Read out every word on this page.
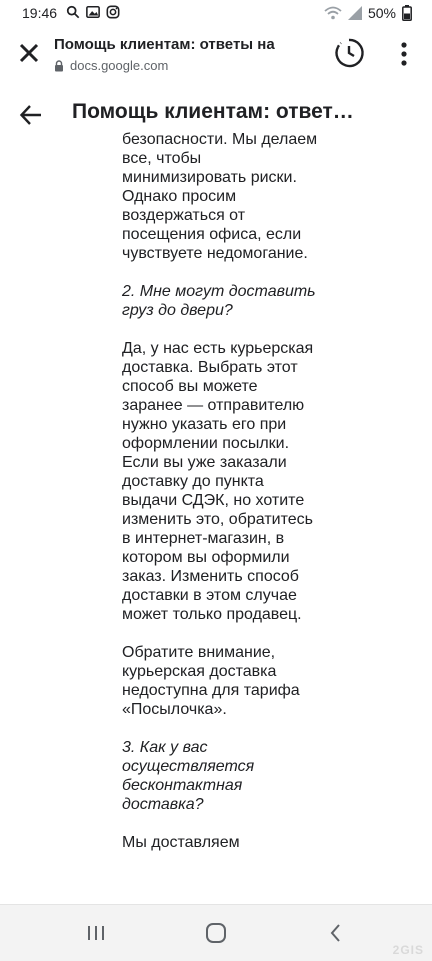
19:46	50%
Помощь клиентам: ответы на
docs.google.com
Помощь клиентам: ответ…

безопасности. Мы делаем все, чтобы минимизировать риски. Однако просим воздержаться от посещения офиса, если чувствуете недомогание.

2. Мне могут доставить груз до двери?

Да, у нас есть курьерская доставка. Выбрать этот способ вы можете заранее — отправителю нужно указать его при оформлении посылки. Если вы уже заказали доставку до пункта выдачи СДЭК, но хотите изменить это, обратитесь в интернет-магазин, в котором вы оформили заказ. Изменить способ доставки в этом случае может только продавец.

Обратите внимание, курьерская доставка недоступна для тарифа «Посылочка».

3. Как у вас осуществляется бесконтактная доставка?

Мы доставляем

2GIS
